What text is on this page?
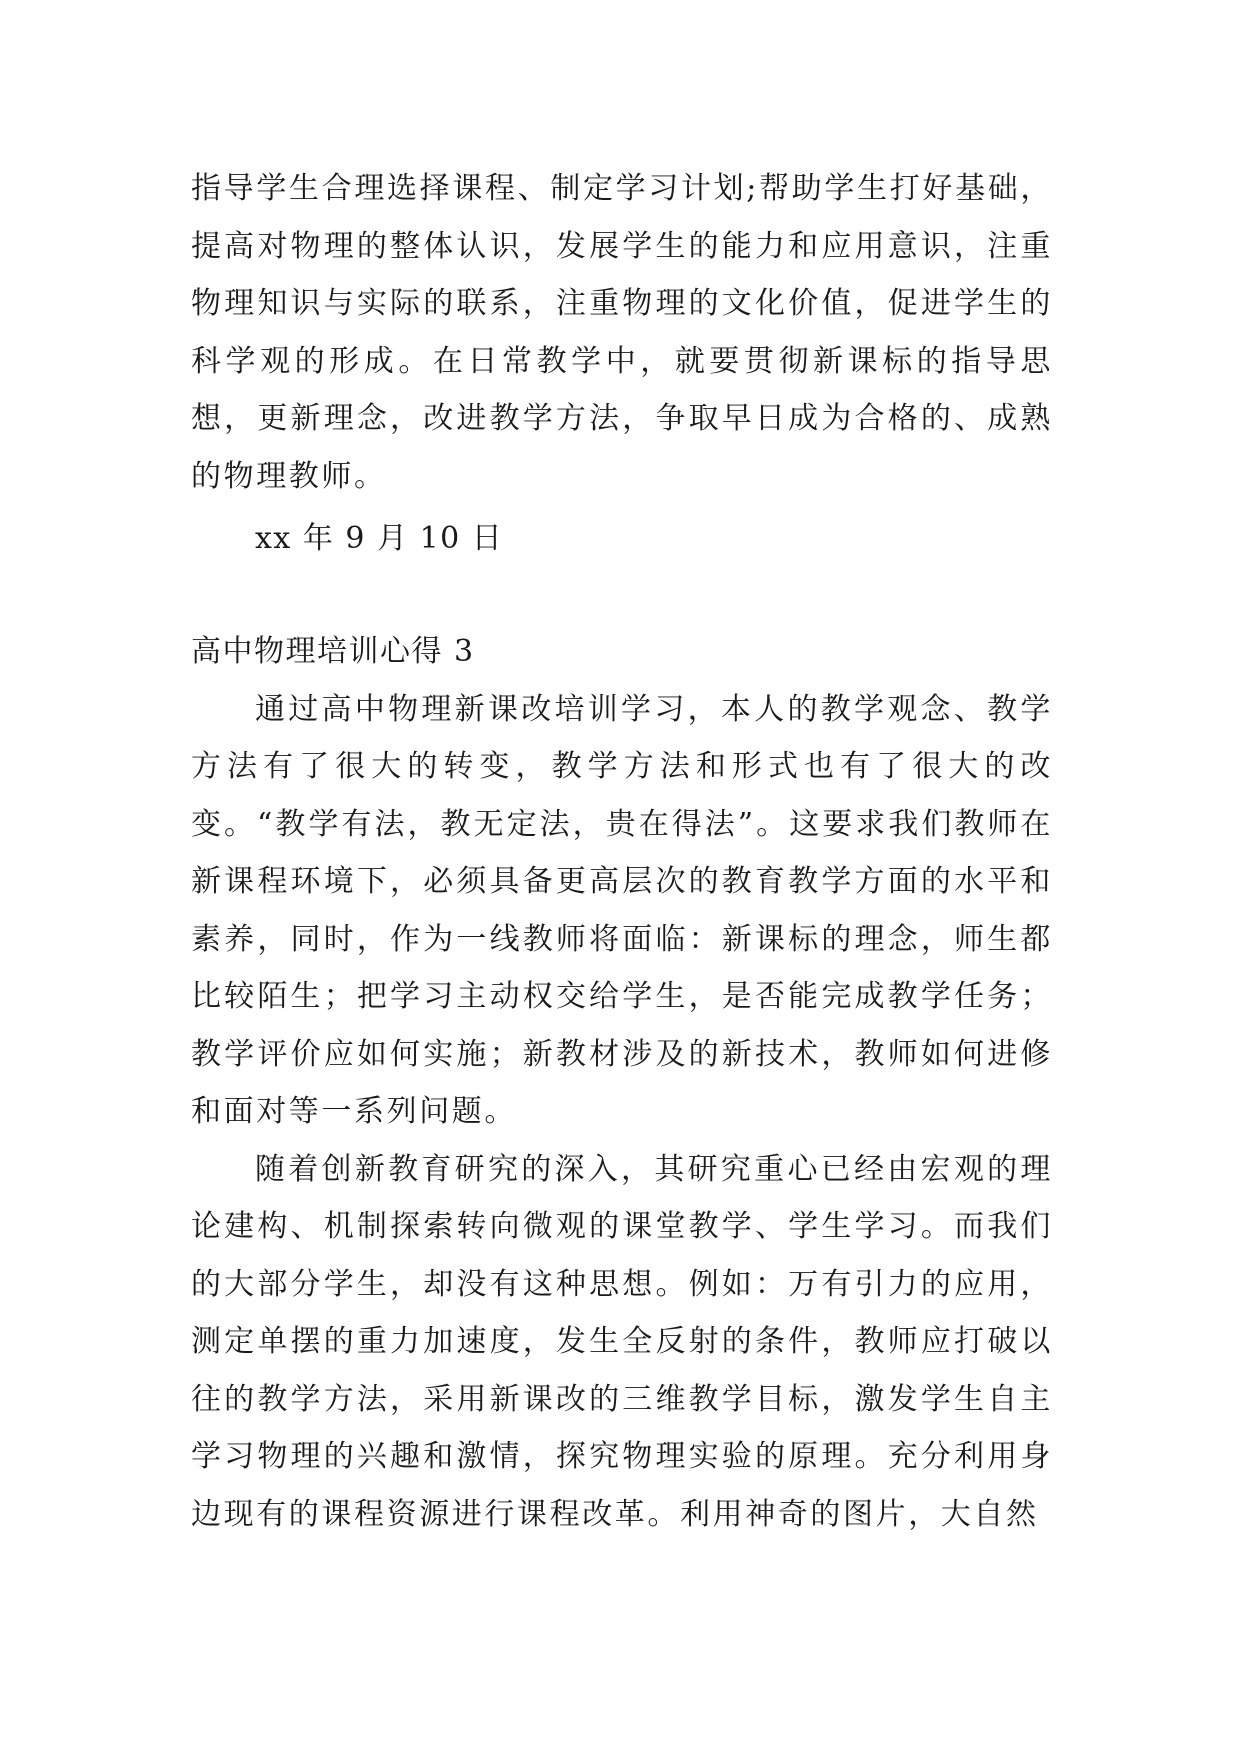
指导学生合理选择课程、制定学习计划;帮助学生打好基础，提高对物理的整体认识，发展学生的能力和应用意识，注重物理知识与实际的联系，注重物理的文化价值，促进学生的科学观的形成。在日常教学中，就要贯彻新课标的指导思想，更新理念，改进教学方法，争取早日成为合格的、成熟的物理教师。

xx 年 9 月 10 日

高中物理培训心得 3

通过高中物理新课改培训学习，本人的教学观念、教学方法有了很大的转变，教学方法和形式也有了很大的改变。“教学有法，教无定法，贵在得法”。这要求我们教师在新课程环境下，必须具备更高层次的教育教学方面的水平和素养，同时，作为一线教师将面临：新课标的理念，师生都比较陌生；把学习主动权交给学生，是否能完成教学任务；教学评价应如何实施；新教材涉及的新技术，教师如何进修和面对等一系列问题。

随着创新教育研究的深入，其研究重心已经由宏观的理论建构、机制探索转向微观的课堂教学、学生学习。而我们的大部分学生，却没有这种思想。例如：万有引力的应用，测定单摆的重力加速度，发生全反射的条件，教师应打破以往的教学方法，采用新课改的三维教学目标，激发学生自主学习物理的兴趣和激情，探究物理实验的原理。充分利用身边现有的课程资源进行课程改革。利用神奇的图片，大自然
